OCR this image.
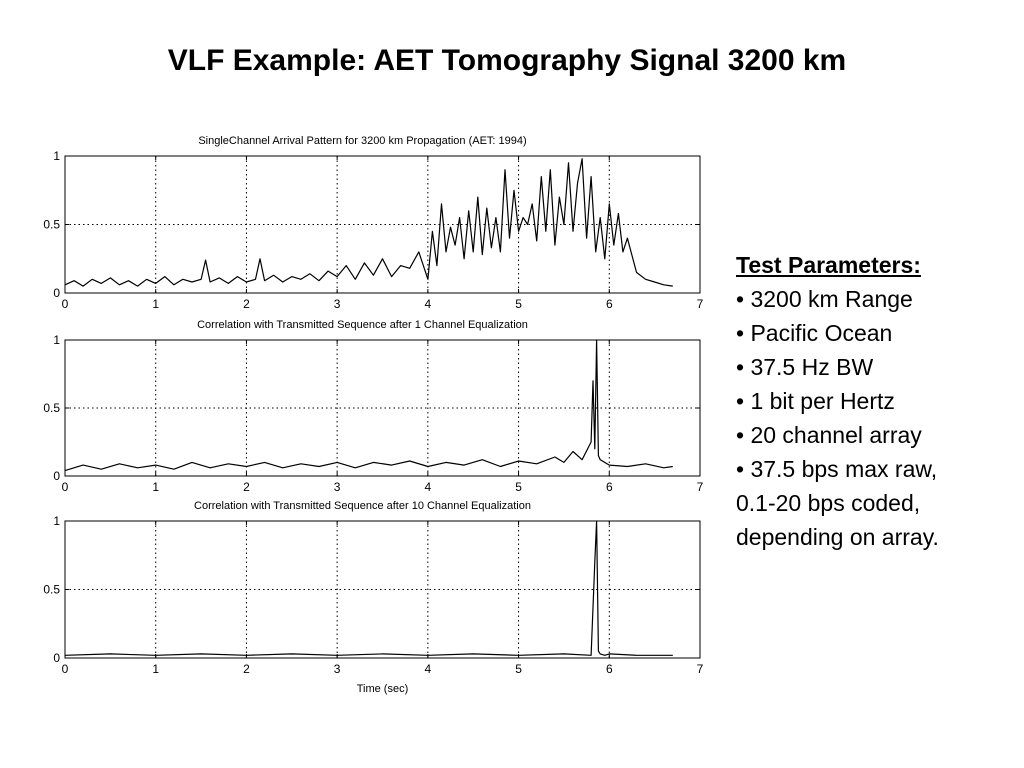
VLF Example: AET Tomography Signal 3200 km
0	1	2	3	4	5	6	7
0
0.5
1
SingleChannel Arrival Pattern for 3200 km Propagation (AET: 1994)
0	1	2	3	4	5	6	7
0
0.5
1
Correlation with Transmitted Sequence after 1 Channel Equalization
0	1	2	3	4	5	6	7
0
0.5
1
Correlation with Transmitted Sequence after 10 Channel Equalization
Time (sec)
Test Parameters:
• 3200 km Range
• Pacific Ocean
• 37.5 Hz BW
• 1 bit per Hertz
• 20 channel array
• 37.5 bps max raw,
0.1-20 bps coded,
depending on array.
